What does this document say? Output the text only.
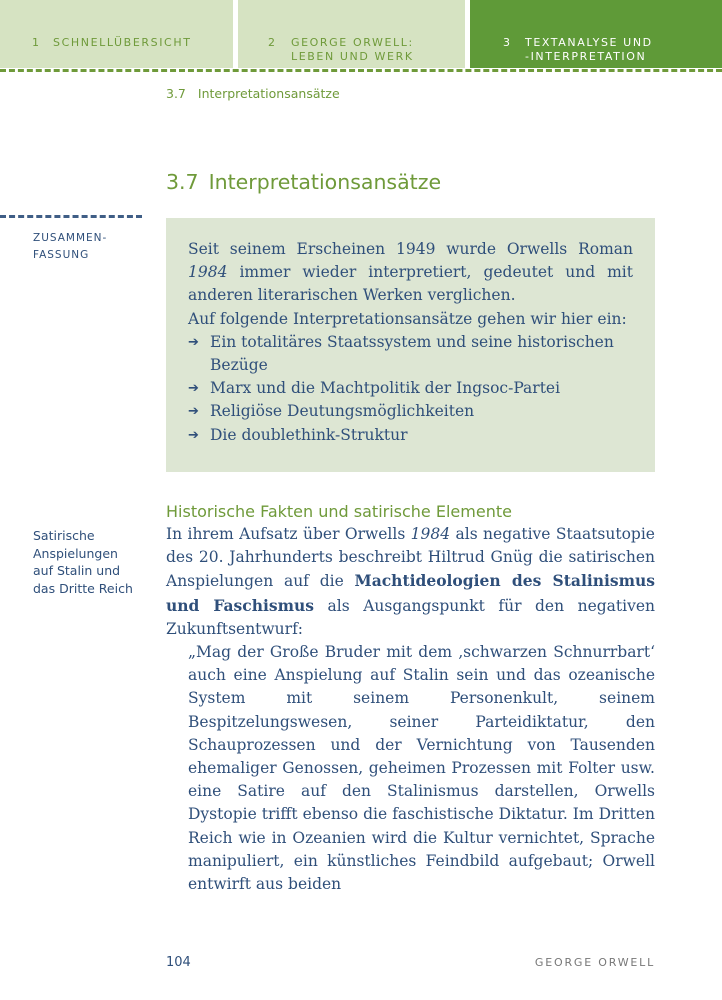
1 SCHNELLÜBERSICHT	2 GEORGE ORWELL:
LEBEN UND WERK
3 TEXTANALYSE UND
-INTERPRETATION
3.7 Interpretationsansätze
3.7 Interpretationsansätze
ZUSAMMEN-
FASSUNG	Seit seinem Erscheinen 1949 wurde Orwells Roman 1984 immer wieder interpretiert, gedeutet und mit anderen literarischen Werken verglichen.

Auf folgende Interpretationsansätze gehen wir hier ein:

➔ Ein totalitäres Staatssystem und seine historischen Bezüge
➔ Marx und die Machtpolitik der Ingsoc-Partei
➔ Religiöse Deutungsmöglichkeiten
➔ Die doublethink-Struktur
Historische Fakten und satirische Elemente
Satirische
Anspielungen
auf Stalin und
das Dritte Reich
In ihrem Aufsatz über Orwells 1984 als negative Staatsutopie des 20. Jahrhunderts beschreibt Hiltrud Gnüg die satirischen Anspielungen auf die Machtideologien des Stalinismus und Faschismus als Ausgangspunkt für den negativen Zukunftsentwurf:
„Mag der Große Bruder mit dem ‚schwarzen Schnurrbart‘ auch eine Anspielung auf Stalin sein und das ozeanische System mit seinem Personenkult, seinem Bespitzelungswesen, seiner Parteidiktatur, den Schauprozessen und der Vernichtung von Tausenden ehemaliger Genossen, geheimen Prozessen mit Folter usw. eine Satire auf den Stalinismus darstellen, Orwells Dystopie trifft ebenso die faschistische Diktatur. Im Dritten Reich wie in Ozeanien wird die Kultur vernichtet, Sprache manipuliert, ein künstliches Feindbild aufgebaut; Orwell entwirft aus beiden
104	GEORGE ORWELL
